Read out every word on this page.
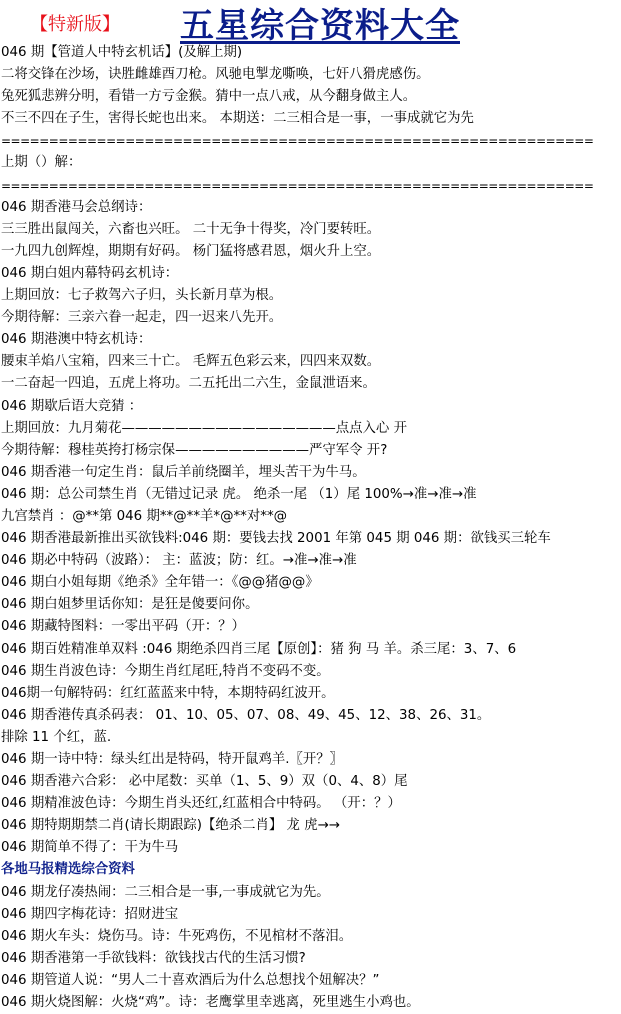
【特新版】 五星综合资料大全
046 期【管道人中特玄机话】(及解上期)
二将交锋在沙场，诀胜雌雄酉刀枪。风驰电掣龙嘶唤，七奸八猾虎感伤。
兔死狐悲辨分明，看错一方亏金猴。猜中一点八戒，从今翻身做主人。
不三不四在子生，害得长蛇也出来。 本期送：二三相合是一事，一事成就它为先
==============================================================
上期（）解：
==============================================================
046 期香港马会总纲诗：
三三胜出鼠闯关，六畜也兴旺。 二十无争十得奖，冷门要转旺。
一九四九创辉煌，期期有好码。 杨门猛将感君恩，烟火升上空。
046 期白姐内幕特码玄机诗：
上期回放：七子救驾六子归，头长新月草为根。
今期待解：三亲六眷一起走，四一迟来八先开。
046 期港澳中特玄机诗：
腰束羊焰八宝箱，四来三十亡。 毛辉五色彩云来，四四来双数。
一二奋起一四追，五虎上将功。二五托出二六生，金鼠泄语来。
046 期歇后语大竞猜 ：
上期回放：九月菊花————————————————点点入心 开
今期待解：穆桂英挎打杨宗保——————————严守军令 开?
046 期香港一句定生肖：鼠后羊前绕圈羊，埋头苦干为牛马。
046 期：总公司禁生肖（无错过记录 虎。 绝杀一尾 （1）尾 100%→准→准→准
九宫禁肖 ：@**第 046 期**@**羊*@**对**@
046 期香港最新推出买欲钱料:046 期：要钱去找 2001 年第 045 期 046 期：欲钱买三轮车
046 期必中特码（波路）： 主：蓝波；防：红。→准→准→准
046 期白小姐每期《绝杀》全年错一：《@@猪@@》
046 期白姐梦里话你知：是狂是傻要问你。
046 期藏特图料：一零出平码（开：？）
046 期百姓精准单双料 :046 期绝杀四肖三尾【原创】：猪 狗 马 羊。杀三尾：3、7、6
046 期生肖波色诗：今期生肖红尾旺,特肖不变码不变。
046期一句解特码：红红蓝蓝来中特，本期特码红波开。
046 期香港传真杀码表： 01、10、05、07、08、49、45、12、38、26、31。
排除 11 个红，蓝.
046 期一诗中特：绿头红出是特码，特开鼠鸡羊.〖开？〗
046 期香港六合彩： 必中尾数：买单（1、5、9）双（0、4、8）尾
046 期精准波色诗：今期生肖头还红,红蓝相合中特码。 （开：？）
046 期特期期禁二肖(请长期跟踪)【绝杀二肖】 龙 虎→→
046 期简单不得了：干为牛马
各地马报精选综合资料
046 期龙仔凑热闹：二三相合是一事,一事成就它为先。
046 期四字梅花诗：招财进宝
046 期火车头：烧伤马。诗：牛死鸡伤，不见棺材不落泪。
046 期香港第一手欲钱料：欲钱找古代的生活习惯?
046 期管道人说：“男人二十喜欢酒后为什么总想找个妞解决？”
046 期火烧图解：火烧“鸡”。诗：老鹰掌里幸逃离，死里逃生小鸡也。
